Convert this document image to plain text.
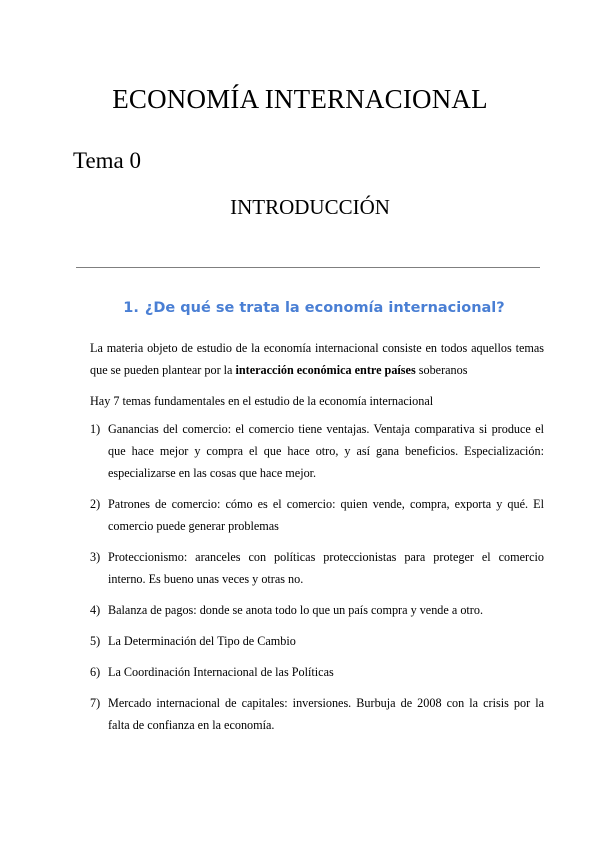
ECONOMÍA INTERNACIONAL
Tema 0
INTRODUCCIÓN
1. ¿De qué se trata la economía internacional?

La materia objeto de estudio de la economía internacional consiste en todos aquellos temas que se pueden plantear por la interacción económica entre países soberanos

Hay 7 temas fundamentales en el estudio de la economía internacional

1) Ganancias del comercio: el comercio tiene ventajas. Ventaja comparativa si produce el que hace mejor y compra el que hace otro, y así gana beneficios. Especialización: especializarse en las cosas que hace mejor.
2) Patrones de comercio: cómo es el comercio: quien vende, compra, exporta y qué. El comercio puede generar problemas
3) Proteccionismo: aranceles con políticas proteccionistas para proteger el comercio interno. Es bueno unas veces y otras no.
4) Balanza de pagos: donde se anota todo lo que un país compra y vende a otro.
5) La Determinación del Tipo de Cambio
6) La Coordinación Internacional de las Políticas
7) Mercado internacional de capitales: inversiones. Burbuja de 2008 con la crisis por la falta de confianza en la economía.
